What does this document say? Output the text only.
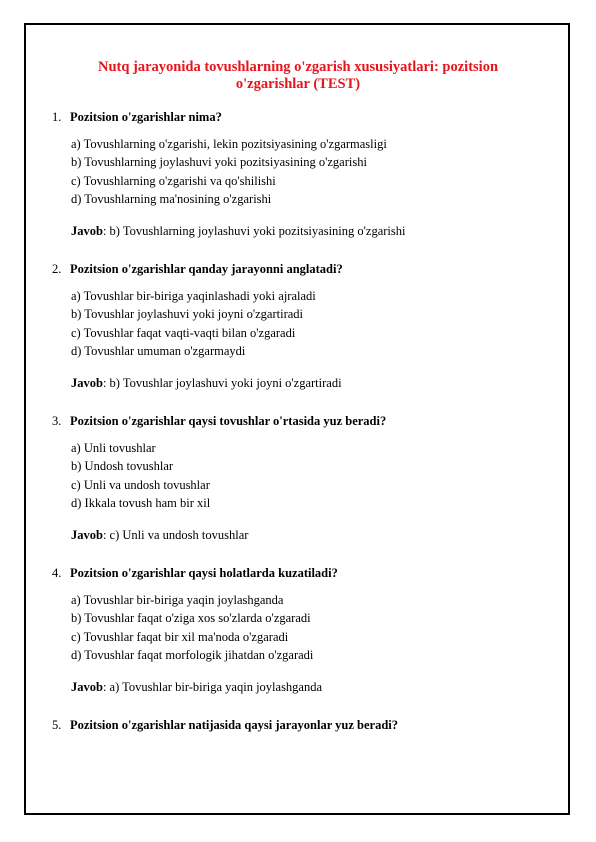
Nutq jarayonida tovushlarning o'zgarish xususiyatlari: pozitsion o'zgarishlar (TEST)
1. Pozitsion o'zgarishlar nima?
a) Tovushlarning o'zgarishi, lekin pozitsiyasining o'zgarmasligi
b) Tovushlarning joylashuvi yoki pozitsiyasining o'zgarishi
c) Tovushlarning o'zgarishi va qo'shilishi
d) Tovushlarning ma'nosining o'zgarishi
Javob: b) Tovushlarning joylashuvi yoki pozitsiyasining o'zgarishi
2. Pozitsion o'zgarishlar qanday jarayonni anglatadi?
a) Tovushlar bir-biriga yaqinlashadi yoki ajraladi
b) Tovushlar joylashuvi yoki joyni o'zgartiradi
c) Tovushlar faqat vaqti-vaqti bilan o'zgaradi
d) Tovushlar umuman o'zgarmaydi
Javob: b) Tovushlar joylashuvi yoki joyni o'zgartiradi
3. Pozitsion o'zgarishlar qaysi tovushlar o'rtasida yuz beradi?
a) Unli tovushlar
b) Undosh tovushlar
c) Unli va undosh tovushlar
d) Ikkala tovush ham bir xil
Javob: c) Unli va undosh tovushlar
4. Pozitsion o'zgarishlar qaysi holatlarda kuzatiladi?
a) Tovushlar bir-biriga yaqin joylashganda
b) Tovushlar faqat o'ziga xos so'zlarda o'zgaradi
c) Tovushlar faqat bir xil ma'noda o'zgaradi
d) Tovushlar faqat morfologik jihatdan o'zgaradi
Javob: a) Tovushlar bir-biriga yaqin joylashganda
5. Pozitsion o'zgarishlar natijasida qaysi jarayonlar yuz beradi?
